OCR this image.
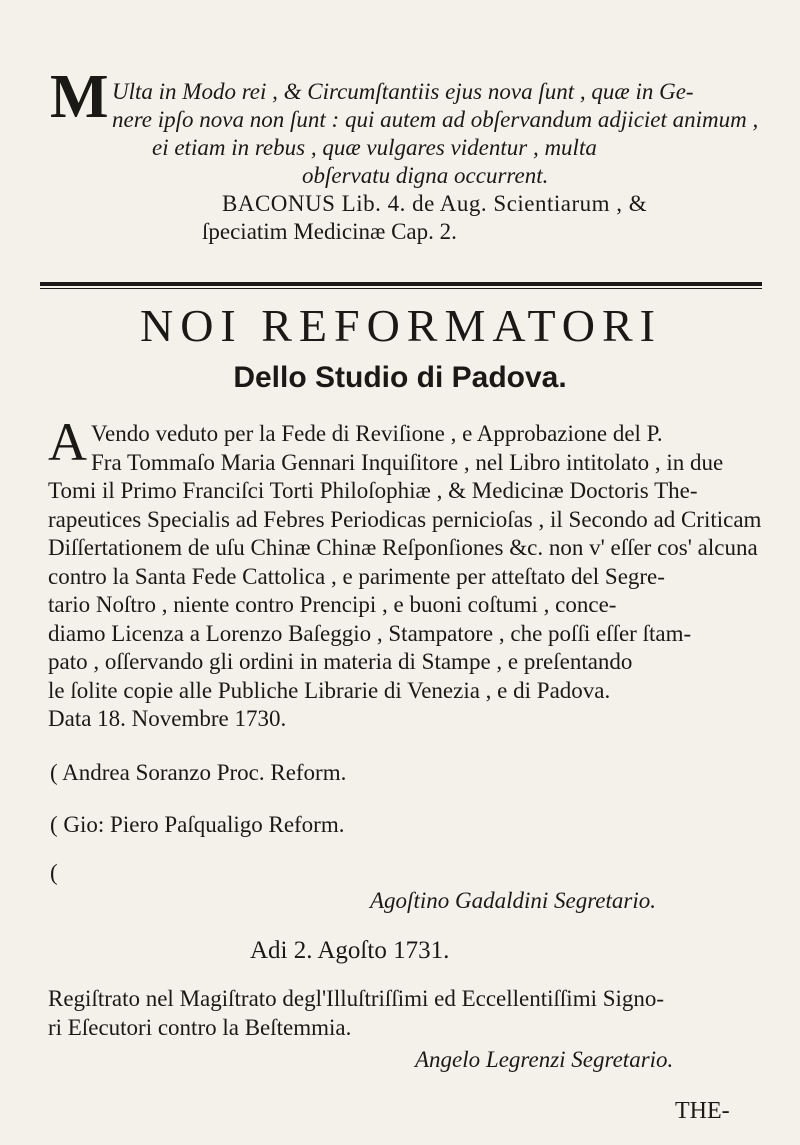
M Ulta in Modo rei , & Circumſtantiis ejus nova ſunt , quæ in Ge-
nere ipſo nova non ſunt : qui autem ad obſervandum adjiciet animum ,
ei etiam in rebus , quæ vulgares videntur , multa
obſervatu digna occurrent.
BACONUS Lib. 4. de Aug. Scientiarum , &
ſpeciatim Medicinæ Cap. 2.
NOI REFORMATORI
Dello Studio di Padova.
A Vendo veduto per la Fede di Reviſione , e Approbazione del P.
Fra Tommaſo Maria Gennari Inquiſitore , nel Libro intitolato , in due
Tomi il Primo Franciſci Torti Philoſophiæ , & Medicinæ Doctoris The-
rapeutices Specialis ad Febres Periodicas pernicioſas , il Secondo ad Criticam
Diſſertationem de uſu Chinæ Chinæ Reſponſiones &c. non v' eſſer cos' alcuna
contro la Santa Fede Cattolica , e parimente per atteſtato del Segre-
tario Noſtro , niente contro Prencipi , e buoni coſtumi , conce-
diamo Licenza a Lorenzo Baſeggio , Stampatore , che poſſi eſſer ſtam-
pato , oſſervando gli ordini in materia di Stampe , e preſentando
le ſolite copie alle Publiche Librarie di Venezia , e di Padova.
Data 18. Novembre 1730.
( Andrea Soranzo Proc. Reform.
( Gio: Piero Paſqualigo Reform.
(
Agoſtino Gadaldini Segretario.
Adi 2. Agoſto 1731.
Regiſtrato nel Magiſtrato degl'Illuſtriſſimi ed Eccellentiſſimi Signo-
ri Eſecutori contro la Beſtemmia.
Angelo Legrenzi Segretario.
THE-
